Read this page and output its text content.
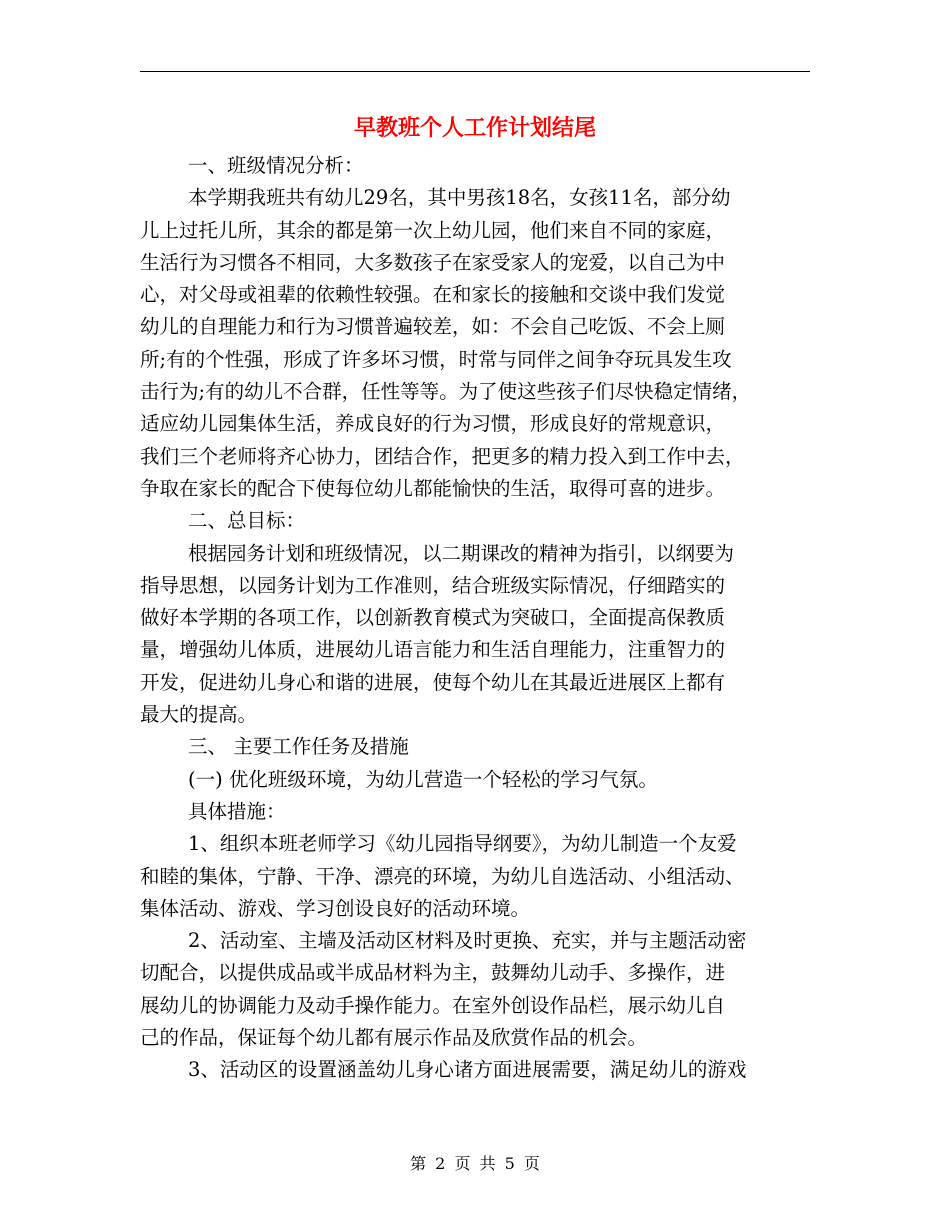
早教班个人工作计划结尾
一、班级情况分析：
本学期我班共有幼儿29名，其中男孩18名，女孩11名，部分幼
儿上过托儿所，其余的都是第一次上幼儿园，他们来自不同的家庭，
生活行为习惯各不相同，大多数孩子在家受家人的宠爱，以自己为中
心，对父母或祖辈的依赖性较强。在和家长的接触和交谈中我们发觉
幼儿的自理能力和行为习惯普遍较差，如：不会自己吃饭、不会上厕
所;有的个性强，形成了许多坏习惯，时常与同伴之间争夺玩具发生攻
击行为;有的幼儿不合群，任性等等。为了使这些孩子们尽快稳定情绪，
适应幼儿园集体生活，养成良好的行为习惯，形成良好的常规意识，
我们三个老师将齐心协力，团结合作，把更多的精力投入到工作中去，
争取在家长的配合下使每位幼儿都能愉快的生活，取得可喜的进步。
二、总目标：
根据园务计划和班级情况，以二期课改的精神为指引，以纲要为
指导思想，以园务计划为工作准则，结合班级实际情况，仔细踏实的
做好本学期的各项工作，以创新教育模式为突破口，全面提高保教质
量，增强幼儿体质，进展幼儿语言能力和生活自理能力，注重智力的
开发，促进幼儿身心和谐的进展，使每个幼儿在其最近进展区上都有
最大的提高。
三、 主要工作任务及措施
(一) 优化班级环境，为幼儿营造一个轻松的学习气氛。
具体措施：
1、组织本班老师学习《幼儿园指导纲要》，为幼儿制造一个友爱
和睦的集体，宁静、干净、漂亮的环境，为幼儿自选活动、小组活动、
集体活动、游戏、学习创设良好的活动环境。
2、活动室、主墙及活动区材料及时更换、充实，并与主题活动密
切配合，以提供成品或半成品材料为主，鼓舞幼儿动手、多操作，进
展幼儿的协调能力及动手操作能力。在室外创设作品栏，展示幼儿自
己的作品，保证每个幼儿都有展示作品及欣赏作品的机会。
3、活动区的设置涵盖幼儿身心诸方面进展需要，满足幼儿的游戏
第 2 页 共 5 页
